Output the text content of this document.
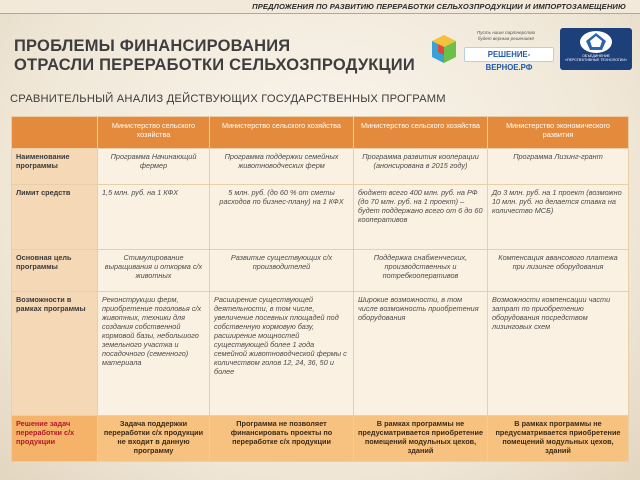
ПРЕДЛОЖЕНИЯ ПО РАЗВИТИЮ ПЕРЕРАБОТКИ СЕЛЬХОЗПРОДУКЦИИ И ИМПОРТОЗАМЕЩЕНИЮ
ПРОБЛЕМЫ ФИНАНСИРОВАНИЯ
ОТРАСЛИ ПЕРЕРАБОТКИ СЕЛЬХОЗПРОДУКЦИИ
Пусть наше партнерство
будет верным решением!
РЕШЕНИЕ-ВЕРНОЕ.РФ
ОБЪЕДИНЕНИЕ
«ПЕРСПЕКТИВНЫЕ ТЕХНОЛОГИИ»
СРАВНИТЕЛЬНЫЙ АНАЛИЗ ДЕЙСТВУЮЩИХ ГОСУДАРСТВЕННЫХ ПРОГРАММ
	Министерство сельского хозяйства	Министерство сельского хозяйства	Министерство сельского хозяйства	Министерство экономического развития
Наименование программы	Программа Начинающий фермер	Программа поддержки семейных животноводческих ферм	Программа развития кооперации (анонсирована в 2015 году)	Программа Лизинг-грант
Лимит средств	1,5 млн. руб. на 1 КФХ	5 млн. руб. (до 60 % от сметы расходов по бизнес-плану) на 1 КФХ	бюджет всего 400 млн. руб. на РФ (до 70 млн. руб. на 1 проект) – будет поддержано всего от 6 до 60 кооперативов	До 3 млн. руб. на 1 проект (возможно 10 млн. руб. но делается ставка на количество МСБ)
Основная цель программы	Стимулирование выращивания и откорма с/х животных	Развитие существующих с/х производителей	Поддержка снабженческих, производственных и потребкооперативов	Компенсация авансового платежа при лизинге оборудования
Возможности в рамках программы	Реконструкции ферм, приобретение поголовья с/х животных, техники для создания собственной кормовой базы, небольшого земельного участка и посадочного (семенного) материала	Расширение существующей деятельности, в том числе, увеличение посевных площадей под собственную кормовую базу, расширение мощностей существующей более 1 года семейной животноводческой фермы с количеством голов 12, 24, 36, 50 и более	Широкие возможности, в том числе возможность приобретения оборудования	Возможности компенсации части затрат по приобретению оборудования посредством лизинговых схем
Решение задач переработки с/х продукции	Задача поддержки переработки с/х продукции не входит в данную программу	Программа не позволяет финансировать проекты по переработке с/х продукции	В рамках программы не предусматривается приобретение помещений модульных цехов, зданий	В рамках программы не предусматривается приобретение помещений модульных цехов, зданий
